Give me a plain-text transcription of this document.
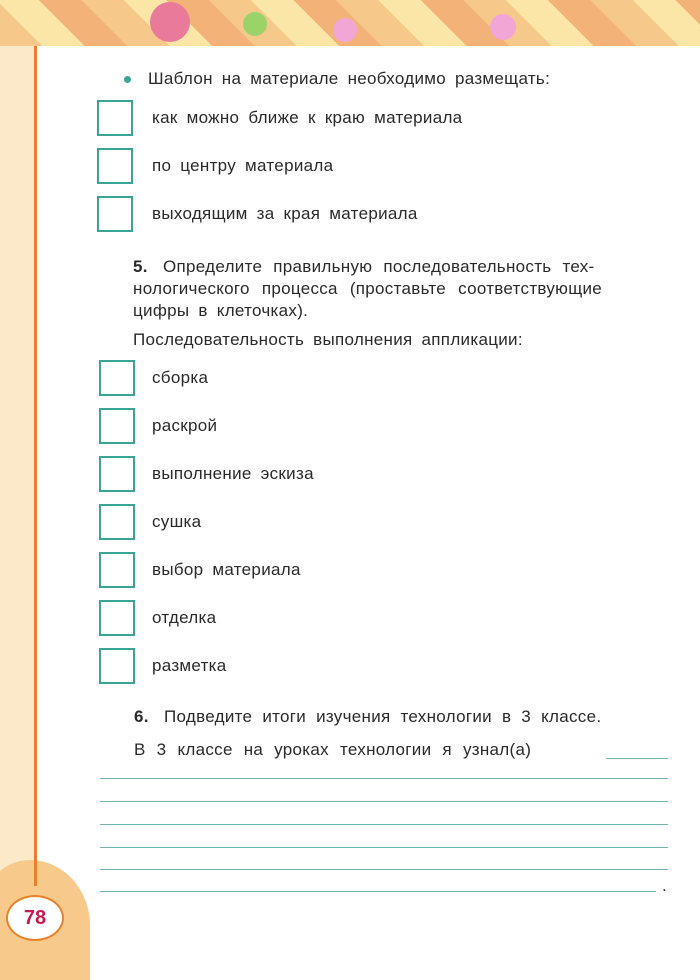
78
Шаблон на материале необходимо размещать:
как можно ближе к краю материала
по центру материала
выходящим за края материала
5. Определите правильную последовательность тех-
нологического процесса (проставьте соответствующие
цифры в клеточках).
Последовательность выполнения аппликации:
сборка
раскрой
выполнение эскиза
сушка
выбор материала
отделка
разметка
6. Подведите итоги изучения технологии в 3 классе.
В 3 классе на уроках технологии я узнал(а)
.
